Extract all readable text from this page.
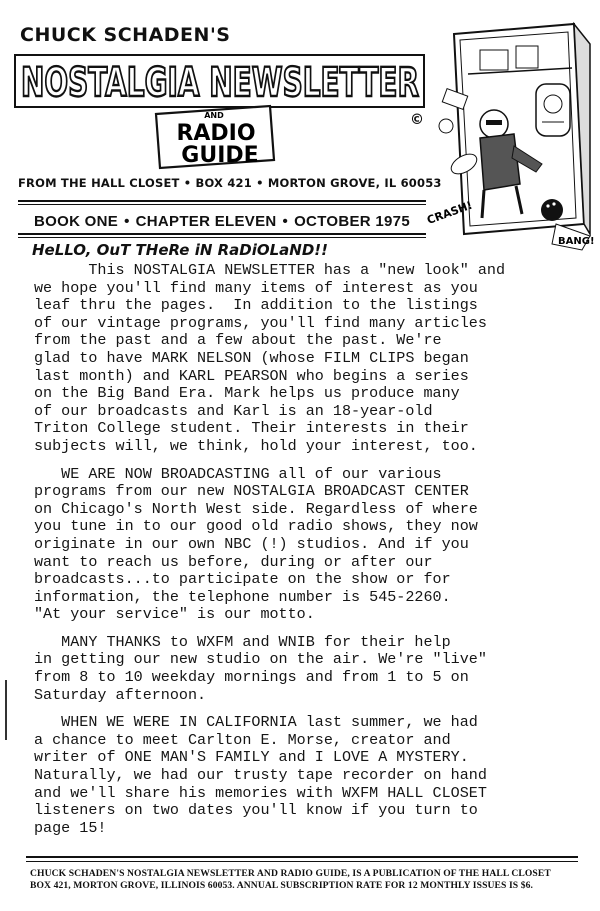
CHUCK SCHADEN'S
NOSTALGIA NEWSLETTER
AND
RADIO
GUIDE
©
FROM THE HALL CLOSET • BOX 421 • MORTON GROVE, IL 60053
CRASH!
BANG!
BOOK ONE • CHAPTER ELEVEN • OCTOBER 1975
HeLLO, OuT THeRe iN RaDiOLaND!!
This NOSTALGIA NEWSLETTER has a "new look" and
we hope you'll find many items of interest as you
leaf thru the pages.  In addition to the listings
of our vintage programs, you'll find many articles
from the past and a few about the past. We're
glad to have MARK NELSON (whose FILM CLIPS began
last month) and KARL PEARSON who begins a series
on the Big Band Era. Mark helps us produce many
of our broadcasts and Karl is an 18-year-old
Triton College student. Their interests in their
subjects will, we think, hold your interest, too.
WE ARE NOW BROADCASTING all of our various
programs from our new NOSTALGIA BROADCAST CENTER
on Chicago's North West side. Regardless of where
you tune in to our good old radio shows, they now
originate in our own NBC (!) studios. And if you
want to reach us before, during or after our
broadcasts...to participate on the show or for
information, the telephone number is 545-2260.
"At your service" is our motto.
MANY THANKS to WXFM and WNIB for their help
in getting our new studio on the air. We're "live"
from 8 to 10 weekday mornings and from 1 to 5 on
Saturday afternoon.
WHEN WE WERE IN CALIFORNIA last summer, we had
a chance to meet Carlton E. Morse, creator and
writer of ONE MAN'S FAMILY and I LOVE A MYSTERY.
Naturally, we had our trusty tape recorder on hand
and we'll share his memories with WXFM HALL CLOSET
listeners on two dates you'll know if you turn to
page 15!
CHUCK SCHADEN'S NOSTALGIA NEWSLETTER AND RADIO GUIDE, IS A PUBLICATION OF THE HALL CLOSET
BOX 421, MORTON GROVE, ILLINOIS 60053. ANNUAL SUBSCRIPTION RATE FOR 12 MONTHLY ISSUES IS $6.
